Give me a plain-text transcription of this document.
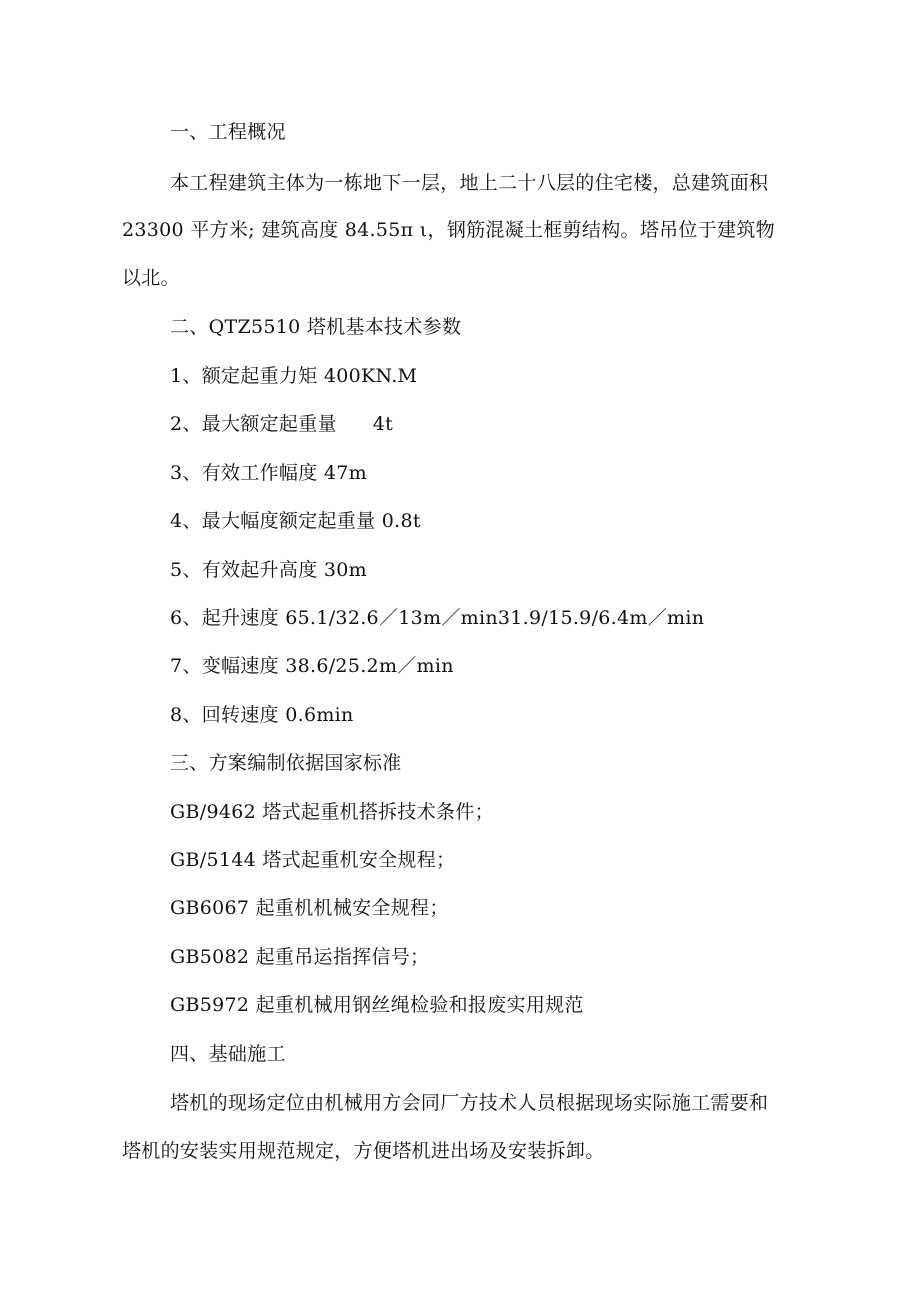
一、工程概况
本工程建筑主体为一栋地下一层，地上二十八层的住宅楼，总建筑面积
23300 平方米; 建筑高度 84.55π ι，钢筋混凝土框剪结构。塔吊位于建筑物
以北。
二、QTZ5510 塔机基本技术参数
1、额定起重力矩 400KN.M
2、最大额定起重量 4t
3、有效工作幅度 47m
4、最大幅度额定起重量 0.8t
5、有效起升高度 30m
6、起升速度 65.1/32.6／13m／min31.9/15.9/6.4m／min
7、变幅速度 38.6/25.2m／min
8、回转速度 0.6min
三、方案编制依据国家标准
GB/9462 塔式起重机搭拆技术条件；
GB/5144 塔式起重机安全规程；
GB6067 起重机机械安全规程；
GB5082 起重吊运指挥信号；
GB5972 起重机械用钢丝绳检验和报废实用规范
四、基础施工
塔机的现场定位由机械用方会同厂方技术人员根据现场实际施工需要和
塔机的安装实用规范规定，方便塔机进出场及安装拆卸。
